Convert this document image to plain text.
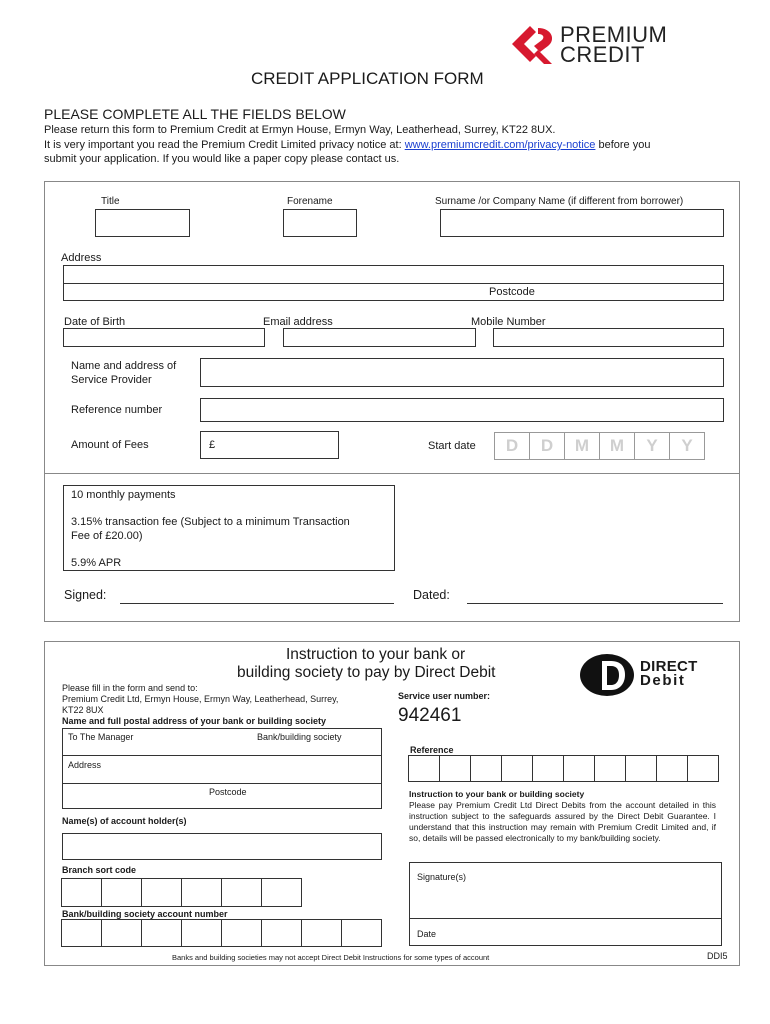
PREMIUM
CREDIT
CREDIT APPLICATION FORM
PLEASE COMPLETE ALL THE FIELDS BELOW
Please return this form to Premium Credit at Ermyn House, Ermyn Way, Leatherhead, Surrey, KT22 8UX.
It is very important you read the Premium Credit Limited privacy notice at: www.premiumcredit.com/privacy-notice before you
submit your application. If you would like a paper copy please contact us.
Title	Forename	Surname /or Company Name (if different from borrower)
Address
Postcode
Date of Birth	Email address	Mobile Number
Name and address of
Service Provider
Reference number
Amount of Fees	£	Start date	D	D	M	M	Y	Y
10 monthly payments
3.15% transaction fee (Subject to a minimum Transaction
Fee of £20.00)
5.9% APR
Signed:	Dated:
Instruction to your bank or
building society to pay by Direct Debit	DIRECT
Debit
Please fill in the form and send to:
Premium Credit Ltd, Ermyn House, Ermyn Way, Leatherhead, Surrey,
KT22 8UX
Name and full postal address of your bank or building society
To The Manager	Bank/building society
Address
Postcode
Name(s) of account holder(s)
Branch sort code
Bank/building society account number
Service user number:
942461
Reference
Instruction to your bank or building society
Please pay Premium Credit Ltd Direct Debits from the account detailed in this instruction subject to the safeguards assured by the Direct Debit Guarantee. I understand that this instruction may remain with Premium Credit Limited and, if so, details will be passed electronically to my bank/building society.
Signature(s)
Date
Banks and building societies may not accept Direct Debit Instructions for some types of account	DDI5
